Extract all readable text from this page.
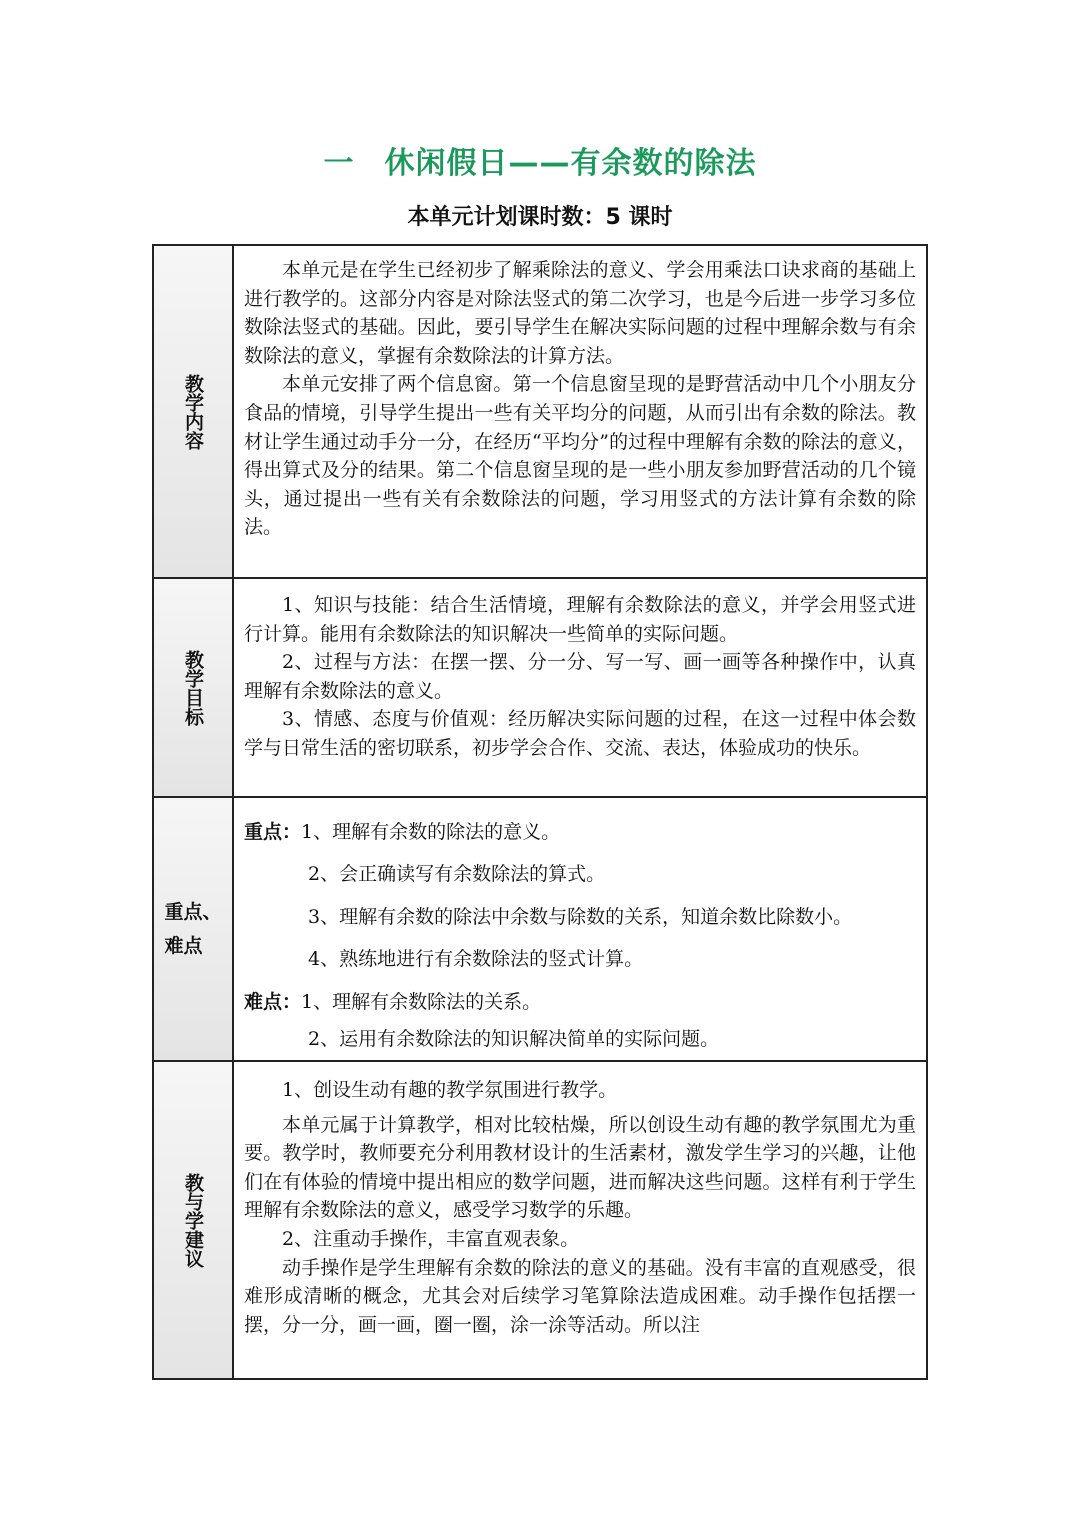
一 休闲假日——有余数的除法
本单元计划课时数：5 课时
教学内容

本单元是在学生已经初步了解乘除法的意义、学会用乘法口诀求商的基础上进行教学的。这部分内容是对除法竖式的第二次学习，也是今后进一步学习多位数除法竖式的基础。因此，要引导学生在解决实际问题的过程中理解余数与有余数除法的意义，掌握有余数除法的计算方法。

本单元安排了两个信息窗。第一个信息窗呈现的是野营活动中几个小朋友分食品的情境，引导学生提出一些有关平均分的问题，从而引出有余数的除法。教材让学生通过动手分一分，在经历“平均分”的过程中理解有余数的除法的意义，得出算式及分的结果。第二个信息窗呈现的是一些小朋友参加野营活动的几个镜头，通过提出一些有关有余数除法的问题，学习用竖式的方法计算有余数的除法。

教学目标

1、知识与技能：结合生活情境，理解有余数除法的意义，并学会用竖式进行计算。能用有余数除法的知识解决一些简单的实际问题。

2、过程与方法：在摆一摆、分一分、写一写、画一画等各种操作中，认真理解有余数除法的意义。

3、情感、态度与价值观：经历解决实际问题的过程，在这一过程中体会数学与日常生活的密切联系，初步学会合作、交流、表达，体验成功的快乐。

重点、
难点
重点：1、理解有余数的除法的意义。
2、会正确读写有余数除法的算式。
3、理解有余数的除法中余数与除数的关系，知道余数比除数小。
4、熟练地进行有余数除法的竖式计算。
难点：1、理解有余数除法的关系。
2、运用有余数除法的知识解决简单的实际问题。
教与学建议

1、创设生动有趣的教学氛围进行教学。

本单元属于计算教学，相对比较枯燥，所以创设生动有趣的教学氛围尤为重要。教学时，教师要充分利用教材设计的生活素材，激发学生学习的兴趣，让他们在有体验的情境中提出相应的数学问题，进而解决这些问题。这样有利于学生理解有余数除法的意义，感受学习数学的乐趣。

2、注重动手操作，丰富直观表象。

动手操作是学生理解有余数的除法的意义的基础。没有丰富的直观感受，很难形成清晰的概念，尤其会对后续学习笔算除法造成困难。动手操作包括摆一摆，分一分，画一画，圈一圈，涂一涂等活动。所以注
